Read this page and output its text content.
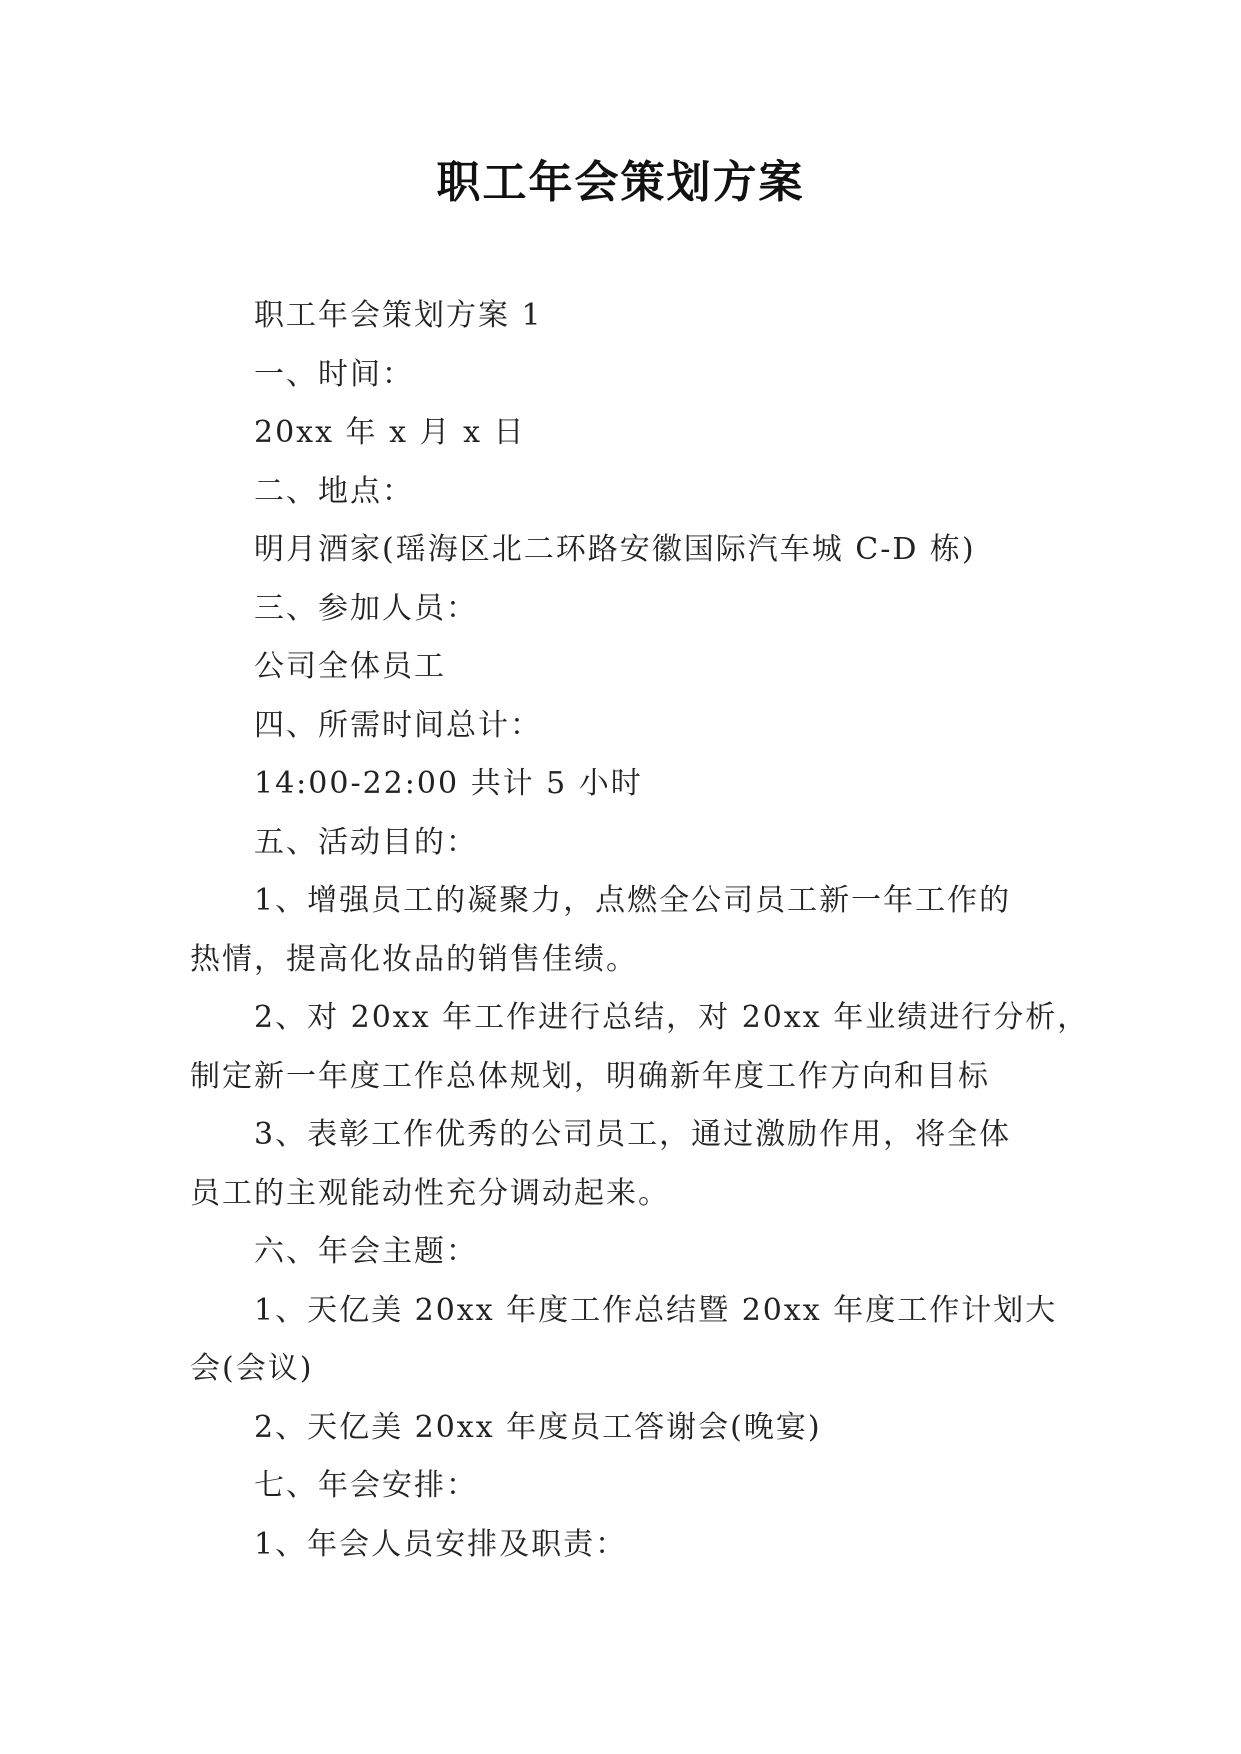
职工年会策划方案

职工年会策划方案 1

一、时间：

20xx 年 x 月 x 日

二、地点：

明月酒家(瑶海区北二环路安徽国际汽车城 C-D 栋)

三、参加人员：

公司全体员工

四、所需时间总计：

14:00-22:00 共计 5 小时

五、活动目的：

1、增强员工的凝聚力，点燃全公司员工新一年工作的

热情，提高化妆品的销售佳绩。

2、对 20xx 年工作进行总结，对 20xx 年业绩进行分析，

制定新一年度工作总体规划，明确新年度工作方向和目标

3、表彰工作优秀的公司员工，通过激励作用，将全体

员工的主观能动性充分调动起来。

六、年会主题：

1、天亿美 20xx 年度工作总结暨 20xx 年度工作计划大

会(会议)

2、天亿美 20xx 年度员工答谢会(晚宴)

七、年会安排：

1、年会人员安排及职责：
